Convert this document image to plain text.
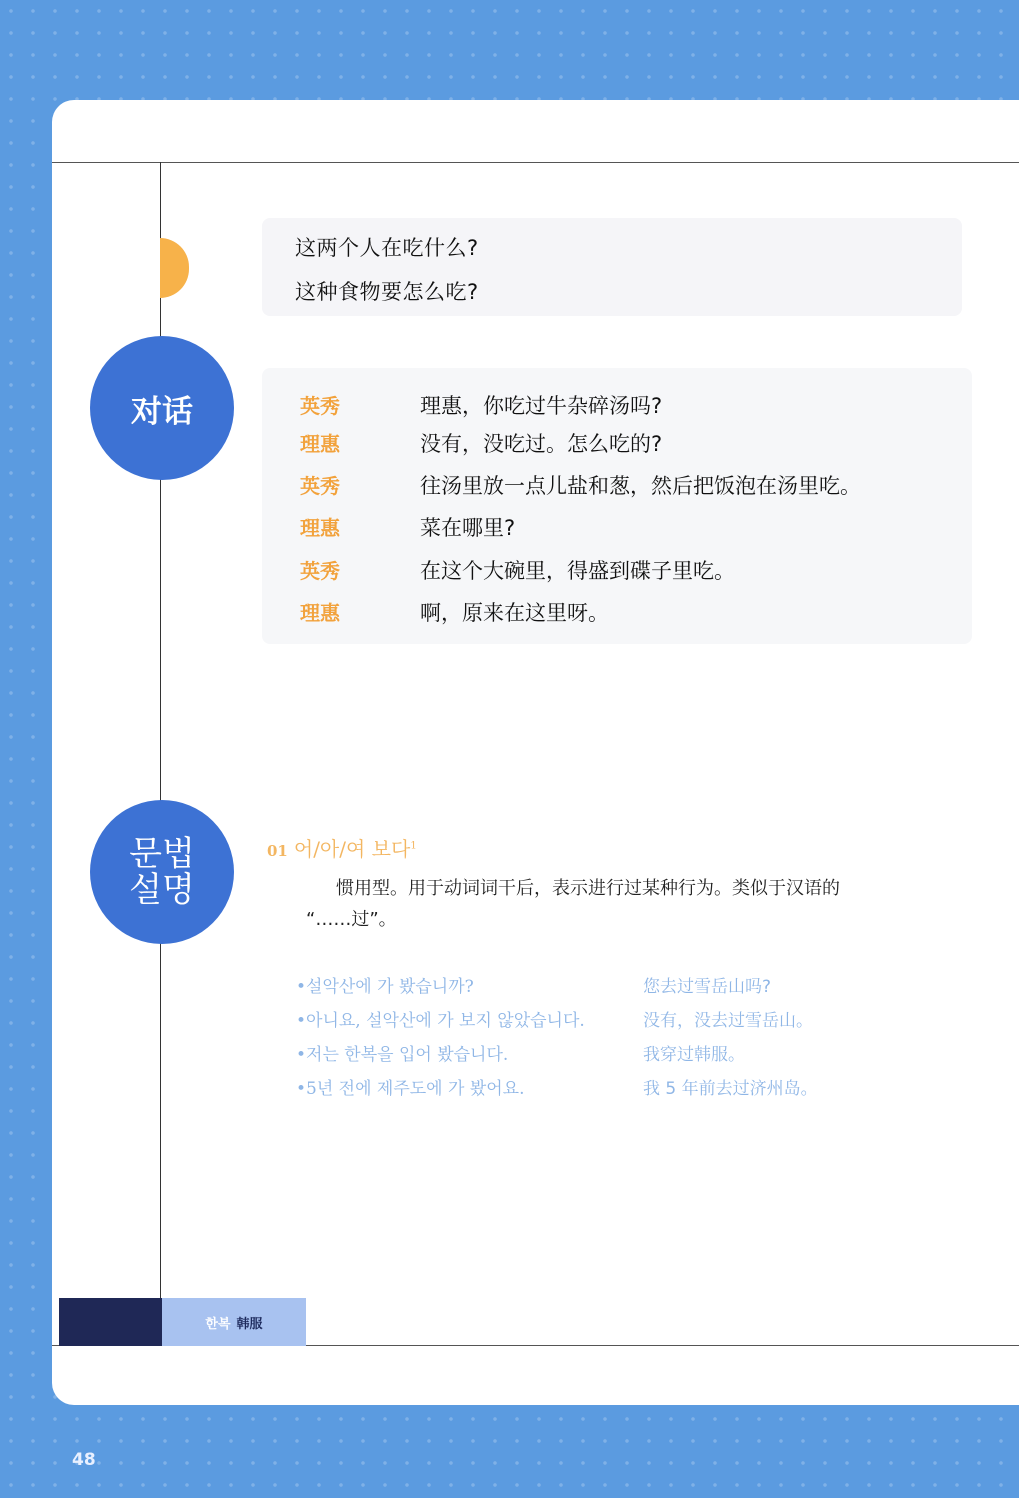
这两个人在吃什么?
这种食物要怎么吃?
对话	英秀	理惠，你吃过牛杂碎汤吗?
理惠	没有，没吃过。怎么吃的?
英秀	往汤里放一点儿盐和葱，然后把饭泡在汤里吃。
理惠	菜在哪里?
英秀	在这个大碗里，得盛到碟子里吃。
理惠	啊，原来在这里呀。
문법
설명
01 어/아/여 보다$^1$
惯用型。用于动词词干后，表示进行过某种行为。类似于汉语的
“……过”。
•설악산에 가 봤습니까?	您去过雪岳山吗?
•아니요, 설악산에 가 보지 않았습니다.	没有，没去过雪岳山。
•저는 한복을 입어 봤습니다.	我穿过韩服。
•5년 전에 제주도에 가 봤어요.	我 5 年前去过济州岛。
한복 韩服
48
